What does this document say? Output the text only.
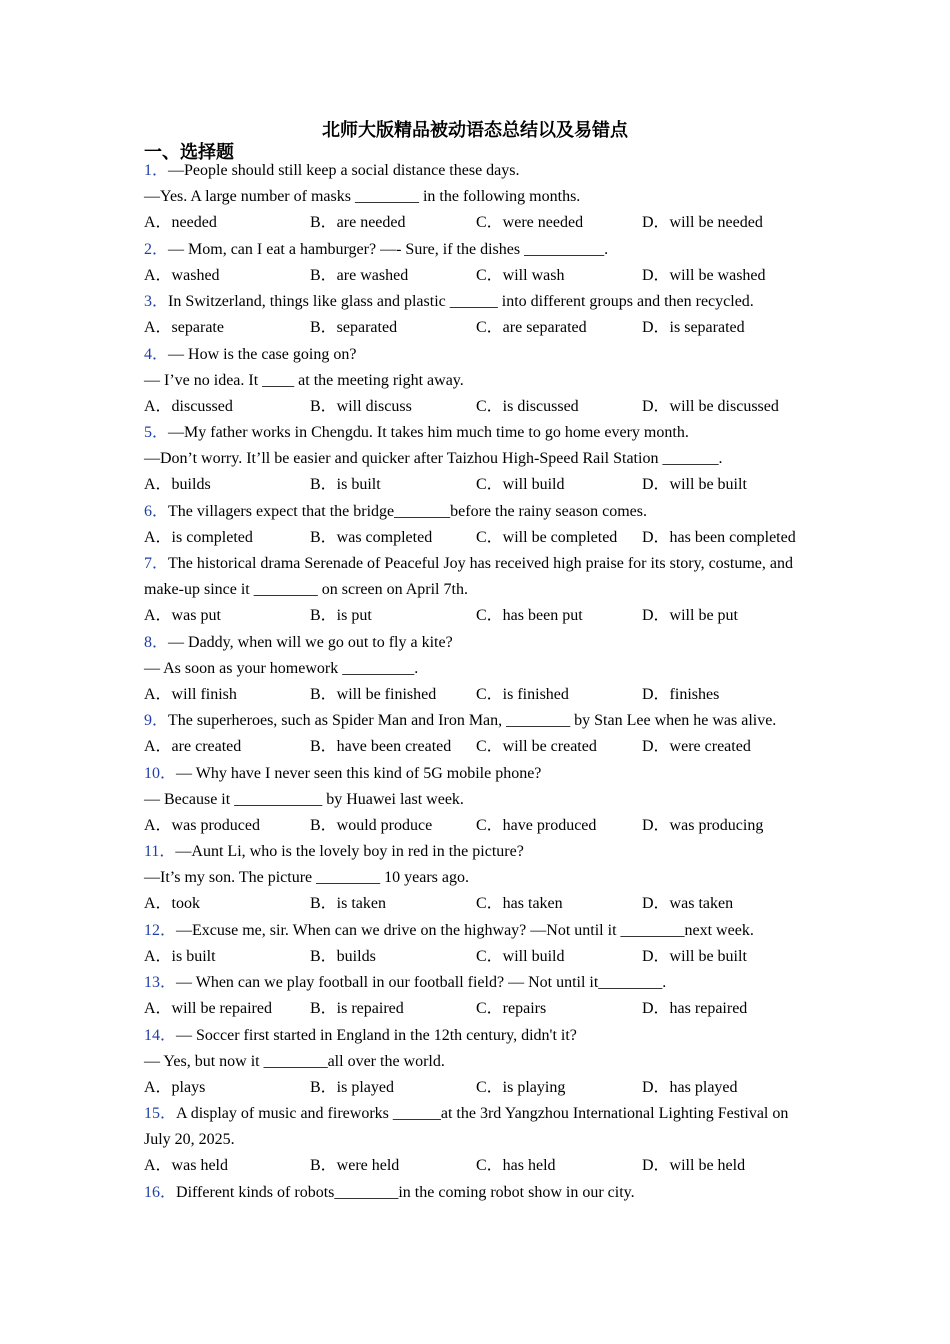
北师大版精品被动语态总结以及易错点
一、选择题
1．—People should still keep a social distance these days.
—Yes. A large number of masks ________ in the following months.
A．needed	B．are needed	C．were needed	D．will be needed
2．— Mom, can I eat a hamburger? —- Sure, if the dishes __________.
A．washed	B．are washed	C．will wash	D．will be washed
3．In Switzerland, things like glass and plastic ______ into different groups and then recycled.
A．separate	B．separated	C．are separated	D．is separated
4．— How is the case going on?
— I’ve no idea. It ____ at the meeting right away.
A．discussed	B．will discuss	C．is discussed	D．will be discussed
5．—My father works in Chengdu. It takes him much time to go home every month.
—Don’t worry. It’ll be easier and quicker after Taizhou High-Speed Rail Station _______.
A．builds	B．is built	C．will build	D．will be built
6．The villagers expect that the bridge_______before the rainy season comes.
A．is completed	B．was completed	C．will be completed	D．has been completed
7．The historical drama Serenade of Peaceful Joy has received high praise for its story, costume, and make-up since it ________ on screen on April 7th.
A．was put	B．is put	C．has been put	D．will be put
8．— Daddy, when will we go out to fly a kite?
— As soon as your homework _________.
A．will finish	B．will be finished	C．is finished	D．finishes
9．The superheroes, such as Spider Man and Iron Man, ________ by Stan Lee when he was alive.
A．are created	B．have been created	C．will be created	D．were created
10．— Why have I never seen this kind of 5G mobile phone?
— Because it ___________ by Huawei last week.
A．was produced	B．would produce	C．have produced	D．was producing
11．—Aunt Li, who is the lovely boy in red in the picture?
—It’s my son. The picture ________ 10 years ago.
A．took	B．is taken	C．has taken	D．was taken
12．—Excuse me, sir. When can we drive on the highway? —Not until it ________next week.
A．is built	B．builds	C．will build	D．will be built
13．— When can we play football in our football field? — Not until it________.
A．will be repaired	B．is repaired	C．repairs	D．has repaired
14．— Soccer first started in England in the 12th century, didn't it?
— Yes, but now it ________all over the world.
A．plays	B．is played	C．is playing	D．has played
15．A display of music and fireworks ______at the 3rd Yangzhou International Lighting Festival on July 20, 2025.
A．was held	B．were held	C．has held	D．will be held
16．Different kinds of robots________in the coming robot show in our city.
